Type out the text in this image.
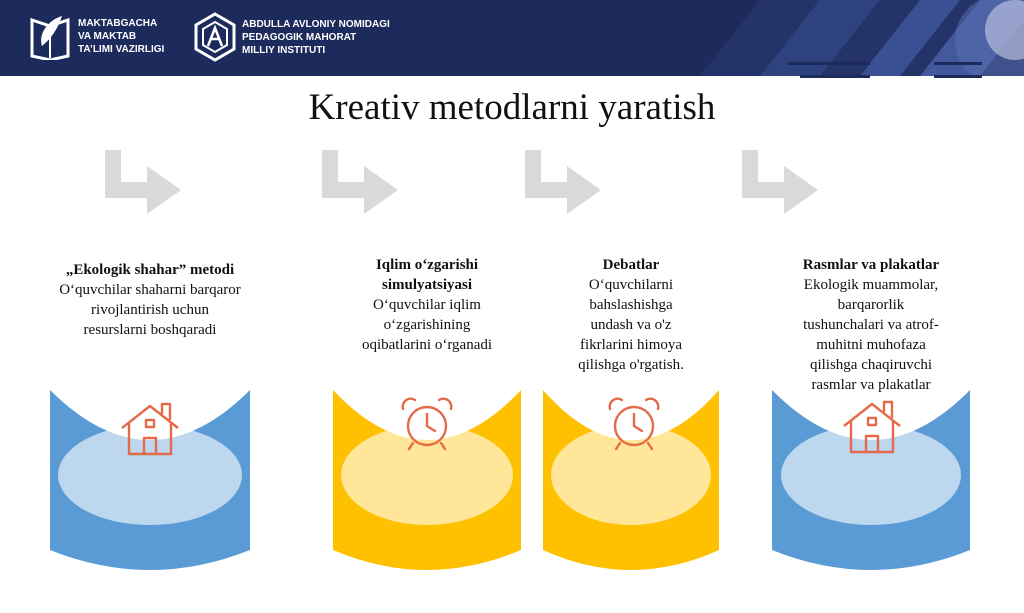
MAKTABGACHA
VA MAKTAB
TA’LIMI VAZIRLIGI
ABDULLA AVLONIY NOMIDAGI
PEDAGOGIK MAHORAT
MILLIY INSTITUTI
Kreativ metodlarni yaratish
„Ekologik shahar” metodi
O‘quvchilar shaharni barqaror
rivojlantirish uchun
resurslarni boshqaradi
Iqlim o‘zgarishi
simulyatsiyasi
O‘quvchilar iqlim
o‘zgarishining
oqibatlarini o‘rganadi
Debatlar
O‘quvchilarni
bahslashishga
undash va o'z
fikrlarini himoya
qilishga o'rgatish.
Rasmlar va plakatlar
Ekologik muammolar,
barqarorlik
tushunchalari va atrof-
muhitni muhofaza
qilishga chaqiruvchi
rasmlar va plakatlar
